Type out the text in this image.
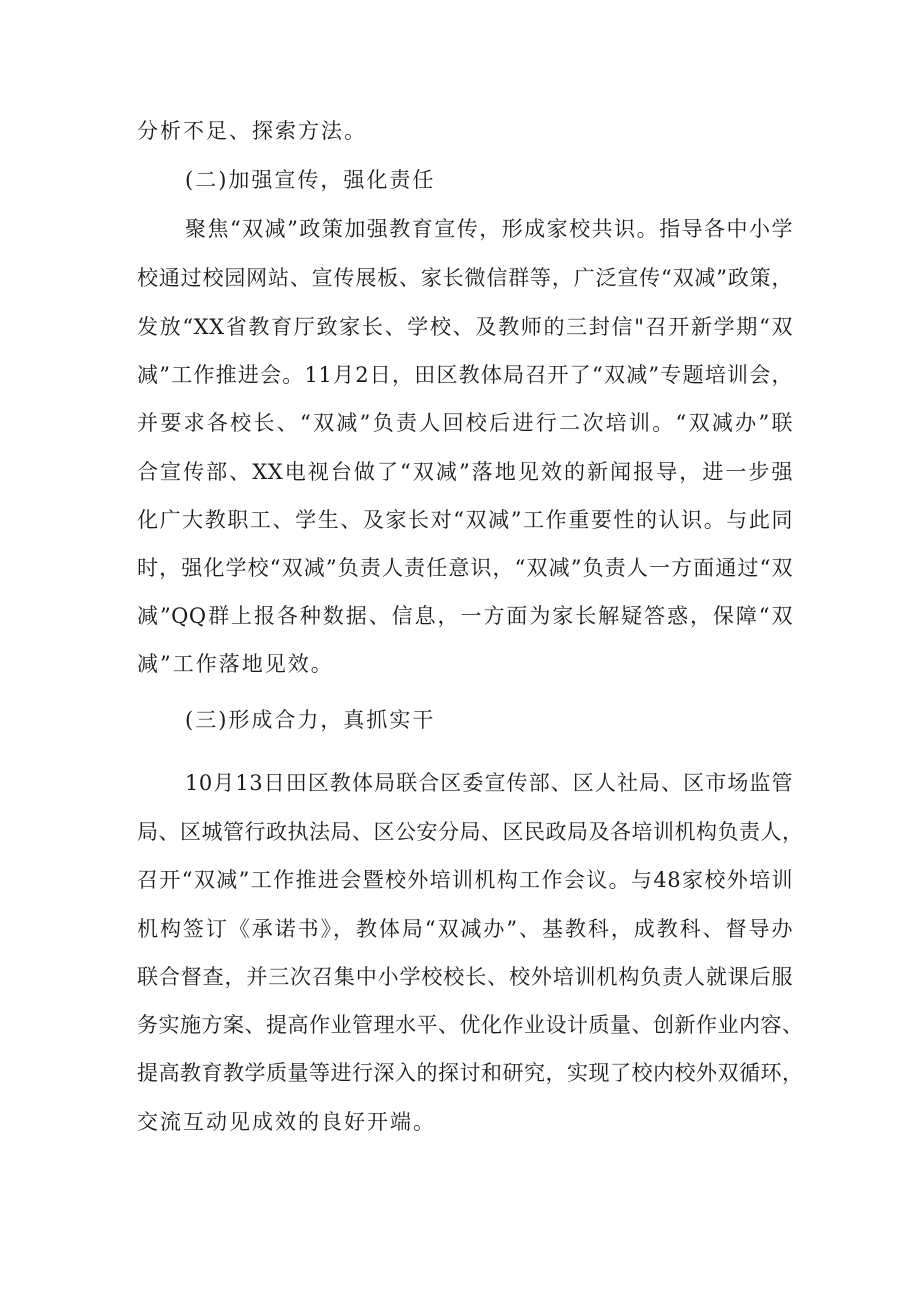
分析不足、探索方法。
(二)加强宣传，强化责任
聚焦“双减”政策加强教育宣传，形成家校共识。指导各中小学
校通过校园网站、宣传展板、家长微信群等，广泛宣传“双减”政策，
发放“XX省教育厅致家长、学校、及教师的三封信"召开新学期“双
减”工作推进会。11月2日，田区教体局召开了“双减”专题培训会，
并要求各校长、“双减”负责人回校后进行二次培训。“双减办”联
合宣传部、XX电视台做了“双减”落地见效的新闻报导，进一步强
化广大教职工、学生、及家长对“双减”工作重要性的认识。与此同
时，强化学校“双减”负责人责任意识，“双减”负责人一方面通过“双
减”QQ群上报各种数据、信息，一方面为家长解疑答惑，保障“双
减”工作落地见效。
(三)形成合力，真抓实干
10月13日田区教体局联合区委宣传部、区人社局、区市场监管
局、区城管行政执法局、区公安分局、区民政局及各培训机构负责人，
召开“双减”工作推进会暨校外培训机构工作会议。与48家校外培训
机构签订《承诺书》，教体局“双减办”、基教科，成教科、督导办
联合督查，并三次召集中小学校校长、校外培训机构负责人就课后服
务实施方案、提高作业管理水平、优化作业设计质量、创新作业内容、
提高教育教学质量等进行深入的探讨和研究，实现了校内校外双循环，
交流互动见成效的良好开端。
